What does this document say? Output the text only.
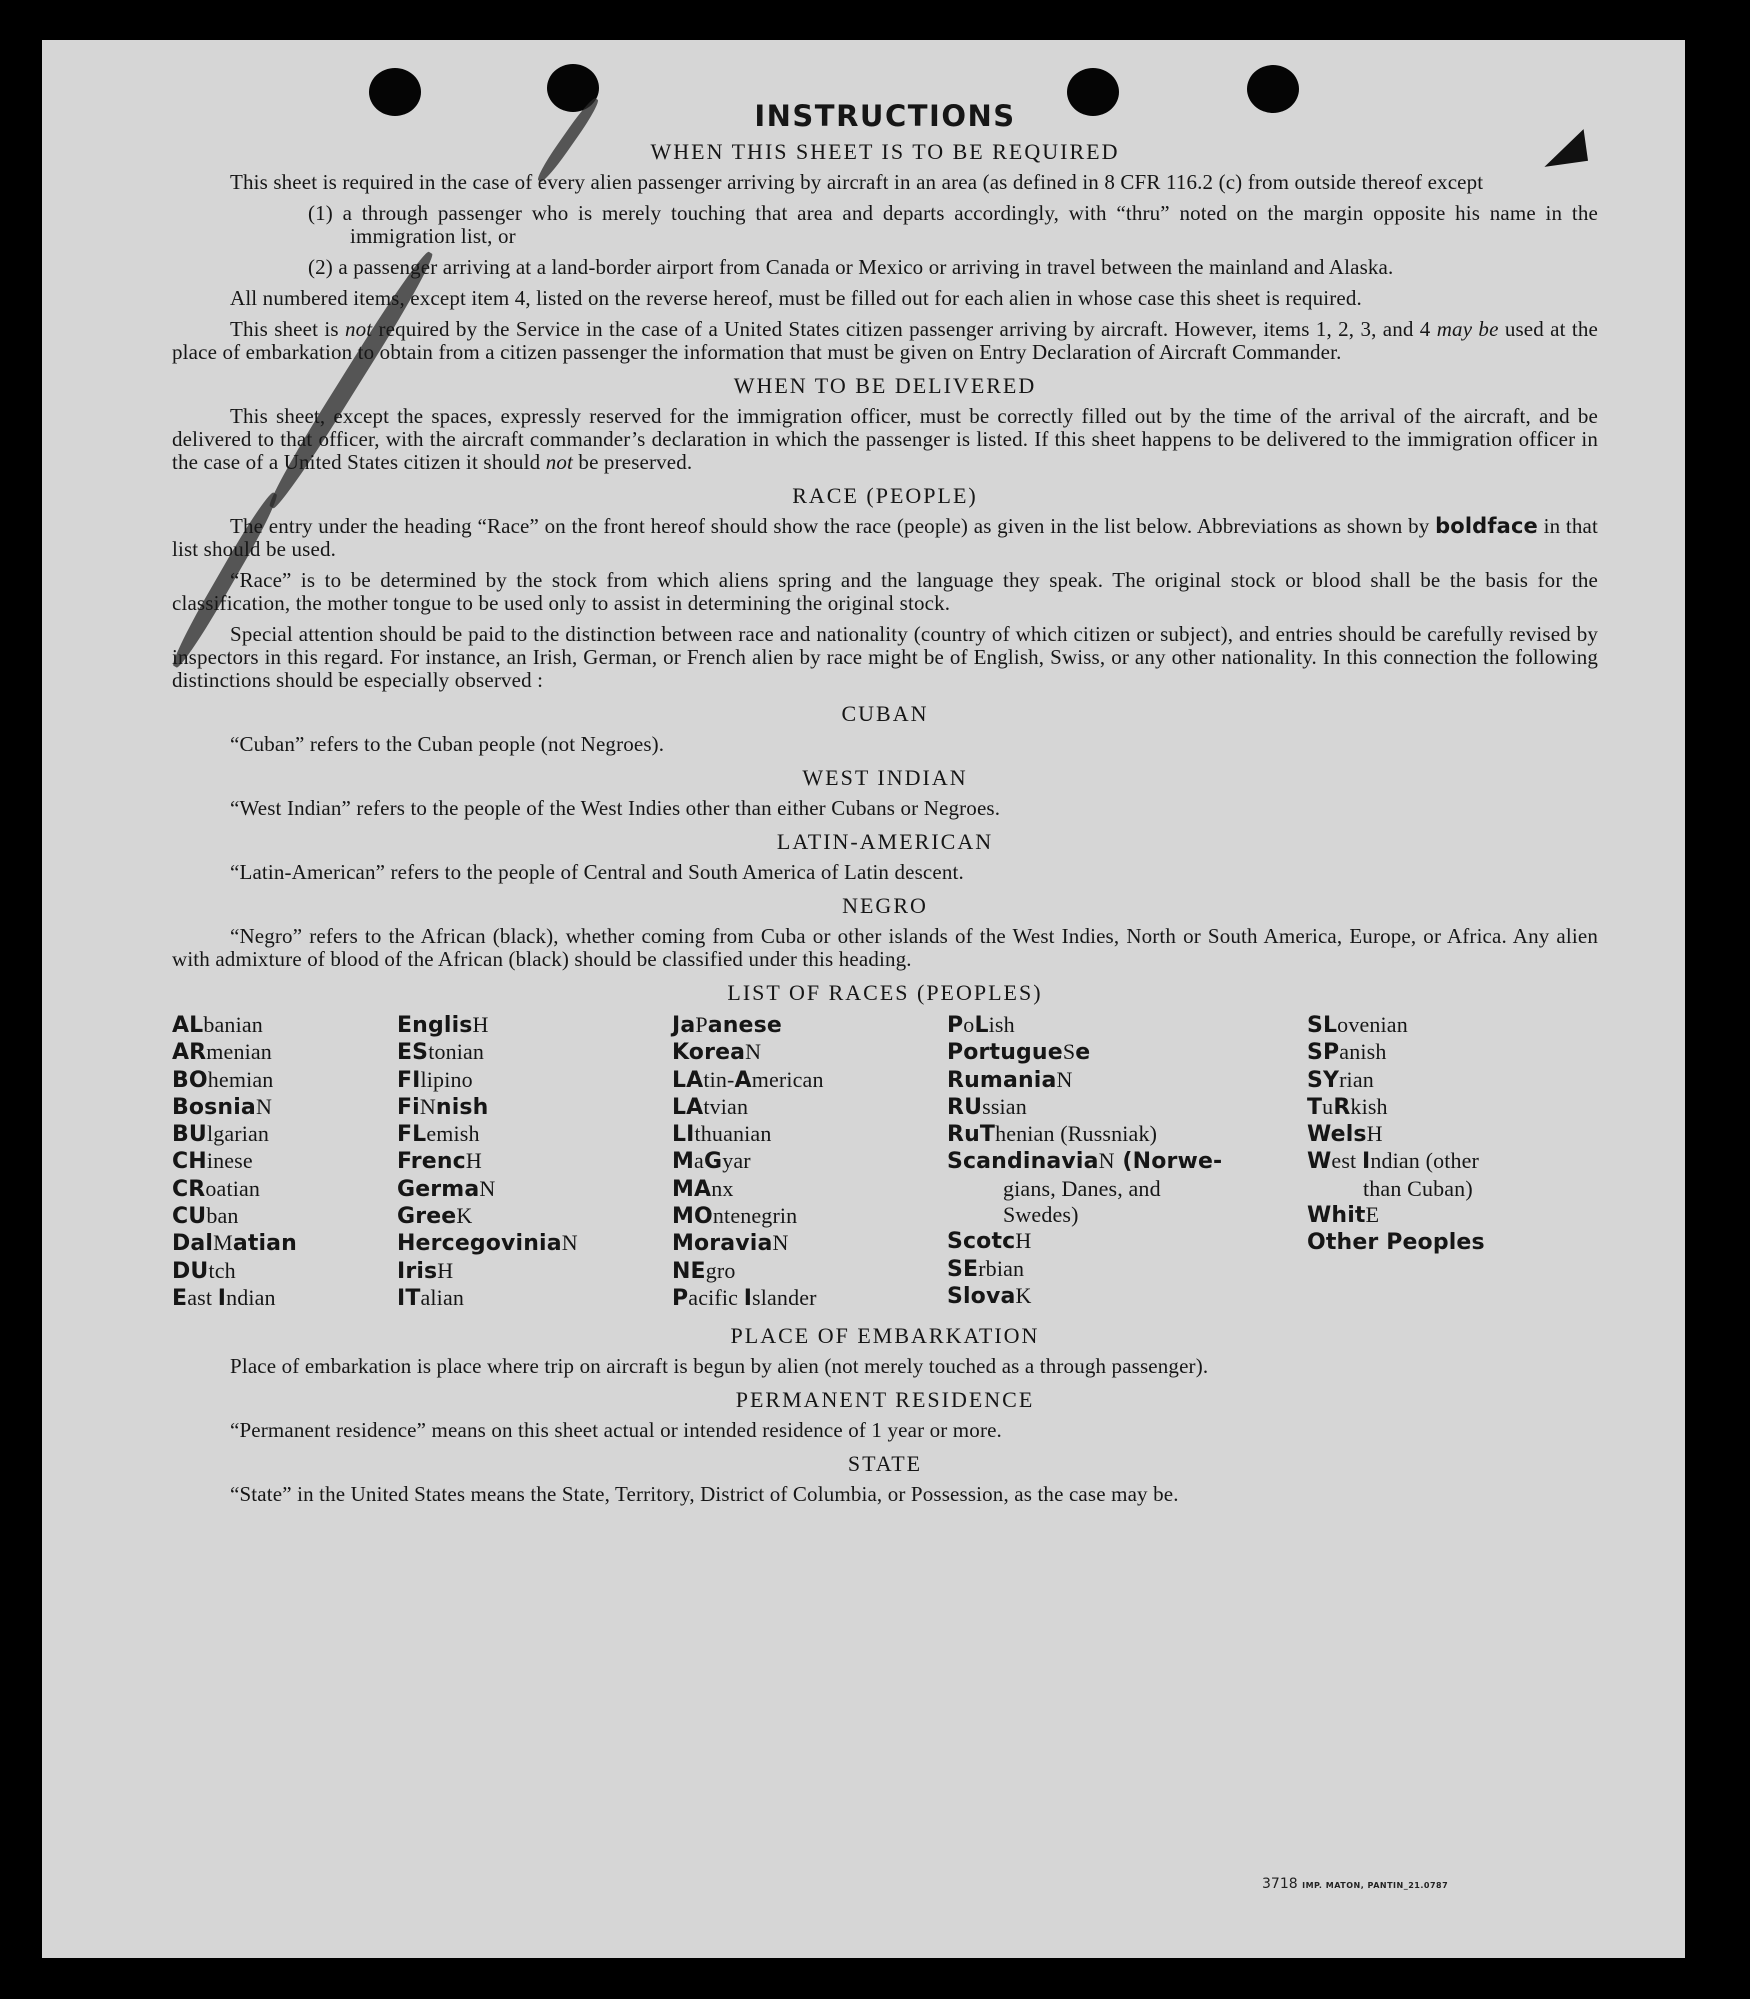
INSTRUCTIONS
WHEN THIS SHEET IS TO BE REQUIRED

This sheet is required in the case of every alien passenger arriving by aircraft in an area (as defined in 8 CFR 116.2 (c) from outside thereof except

(1) a through passenger who is merely touching that area and departs accordingly, with “thru” noted on the margin opposite his name in the immigration list, or
(2) a passenger arriving at a land-border airport from Canada or Mexico or arriving in travel between the mainland and Alaska.

All numbered items, except item 4, listed on the reverse hereof, must be filled out for each alien in whose case this sheet is required.

This sheet is not required by the Service in the case of a United States citizen passenger arriving by aircraft. However, items 1, 2, 3, and 4 may be used at the place of embarkation to obtain from a citizen passenger the information that must be given on Entry Declaration of Aircraft Commander.

WHEN TO BE DELIVERED

This sheet, except the spaces, expressly reserved for the immigration officer, must be correctly filled out by the time of the arrival of the aircraft, and be delivered to that officer, with the aircraft commander’s declaration in which the passenger is listed. If this sheet happens to be delivered to the immigration officer in the case of a United States citizen it should not be preserved.

RACE (PEOPLE)

The entry under the heading “Race” on the front hereof should show the race (people) as given in the list below. Abbreviations as shown by boldface in that list should be used.

“Race” is to be determined by the stock from which aliens spring and the language they speak. The original stock or blood shall be the basis for the classification, the mother tongue to be used only to assist in determining the original stock.

Special attention should be paid to the distinction between race and nationality (country of which citizen or subject), and entries should be carefully revised by inspectors in this regard. For instance, an Irish, German, or French alien by race might be of English, Swiss, or any other nationality. In this connection the following distinctions should be especially observed :

CUBAN

“Cuban” refers to the Cuban people (not Negroes).

WEST INDIAN

“West Indian” refers to the people of the West Indies other than either Cubans or Negroes.

LATIN-AMERICAN

“Latin-American” refers to the people of Central and South America of Latin descent.

NEGRO

“Negro” refers to the African (black), whether coming from Cuba or other islands of the West Indies, North or South America, Europe, or Africa. Any alien with admixture of blood of the African (black) should be classified under this heading.

LIST OF RACES (PEOPLES)
ALbanian
ARmenian
BOhemian
BosniaN
BUlgarian
CHinese
CRoatian
CUban
DalMatian
DUtch
East Indian
EnglisH
EStonian
FIlipino
FiNnish
FLemish
FrencH
GermaN
GreeK
HercegoviniaN
IrisH
ITalian
JaPanese
KoreaN
LAtin-American
LAtvian
LIthuanian
MaGyar
MAnx
MOntenegrin
MoraviaN
NEgro
Pacific Islander
PoLish
PortugueSe
RumaniaN
RUssian
RuThenian (Russniak)
ScandinaviaN (Norwe-
gians, Danes, and
Swedes)
ScotcH
SErbian
SlovaK
SLovenian
SPanish
SYrian
TuRkish
WelsH
West Indian (other
than Cuban)
WhitE
Other Peoples
PLACE OF EMBARKATION

Place of embarkation is place where trip on aircraft is begun by alien (not merely touched as a through passenger).

PERMANENT RESIDENCE

“Permanent residence” means on this sheet actual or intended residence of 1 year or more.

STATE

“State” in the United States means the State, Territory, District of Columbia, or Possession, as the case may be.

3718 IMP. MATON, PANTIN_21.0787
